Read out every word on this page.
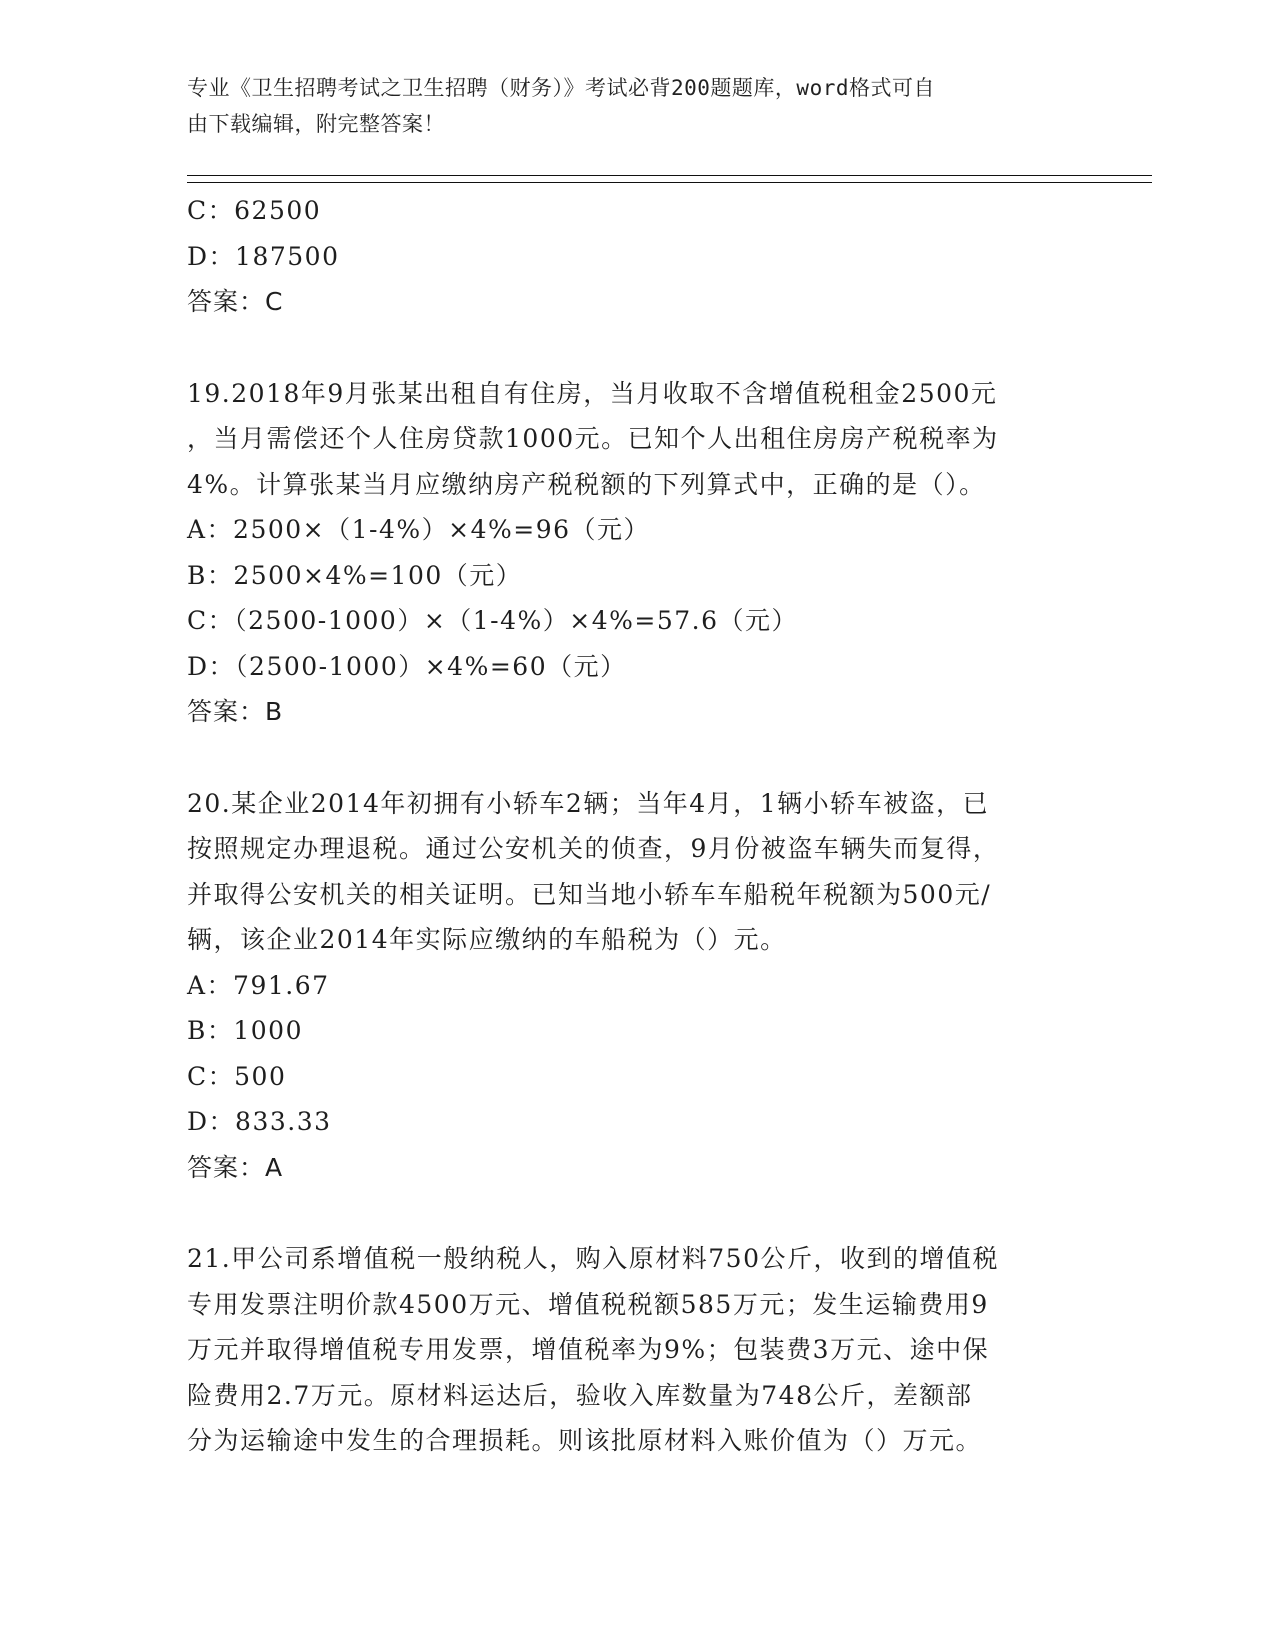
专业《卫生招聘考试之卫生招聘（财务）》考试必背200题题库，word格式可自
由下载编辑，附完整答案！
C：62500
D：187500
答案：C
19.2018年9月张某出租自有住房，当月收取不含增值税租金2500元
，当月需偿还个人住房贷款1000元。已知个人出租住房房产税税率为
4%。计算张某当月应缴纳房产税税额的下列算式中，正确的是（）。
A：2500×（1-4%）×4%=96（元）
B：2500×4%=100（元）
C：（2500-1000）×（1-4%）×4%=57.6（元）
D：（2500-1000）×4%=60（元）
答案：B
20.某企业2014年初拥有小轿车2辆；当年4月，1辆小轿车被盗，已
按照规定办理退税。通过公安机关的侦查，9月份被盗车辆失而复得，
并取得公安机关的相关证明。已知当地小轿车车船税年税额为500元/
辆，该企业2014年实际应缴纳的车船税为（）元。
A：791.67
B：1000
C：500
D：833.33
答案：A
21.甲公司系增值税一般纳税人，购入原材料750公斤，收到的增值税
专用发票注明价款4500万元、增值税税额585万元；发生运输费用9
万元并取得增值税专用发票，增值税率为9%；包装费3万元、途中保
险费用2.7万元。原材料运达后，验收入库数量为748公斤，差额部
分为运输途中发生的合理损耗。则该批原材料入账价值为（）万元。
